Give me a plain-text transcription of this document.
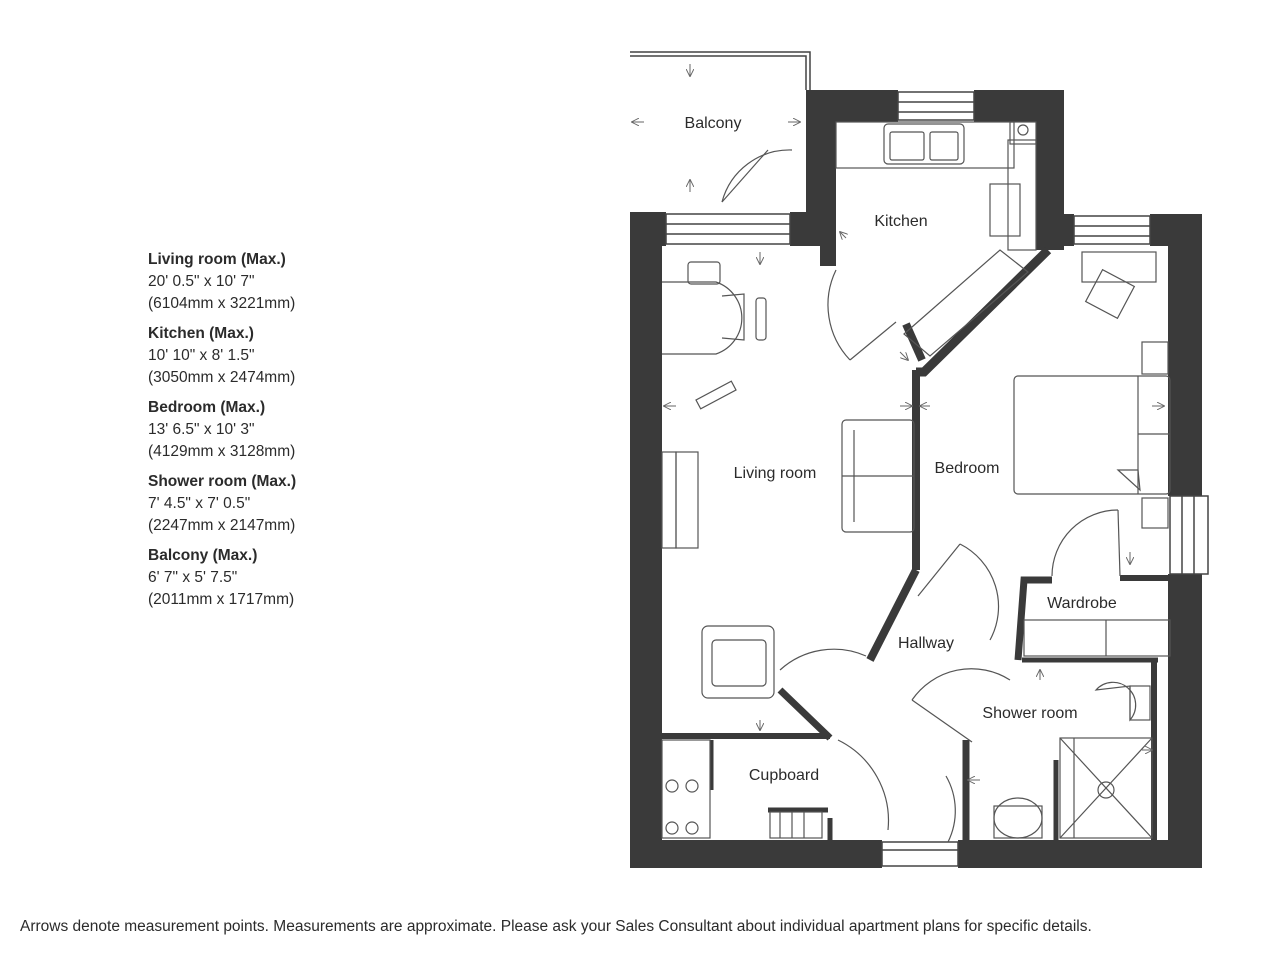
Living room (Max.)
20' 0.5" x 10' 7"
(6104mm x 3221mm)
Kitchen (Max.)
10' 10" x 8' 1.5"
(3050mm x 2474mm)
Bedroom (Max.)
13' 6.5" x 10' 3"
(4129mm x 3128mm)
Shower room (Max.)
7' 4.5" x 7' 0.5"
(2247mm x 2147mm)
Balcony (Max.)
6' 7" x 5' 7.5"
(2011mm x 1717mm)
Balcony
Kitchen
Living room	Bedroom
Wardrobe
Hallway
Shower room
Cupboard
Arrows denote measurement points. Measurements are approximate. Please ask your Sales Consultant about individual apartment plans for specific details.
